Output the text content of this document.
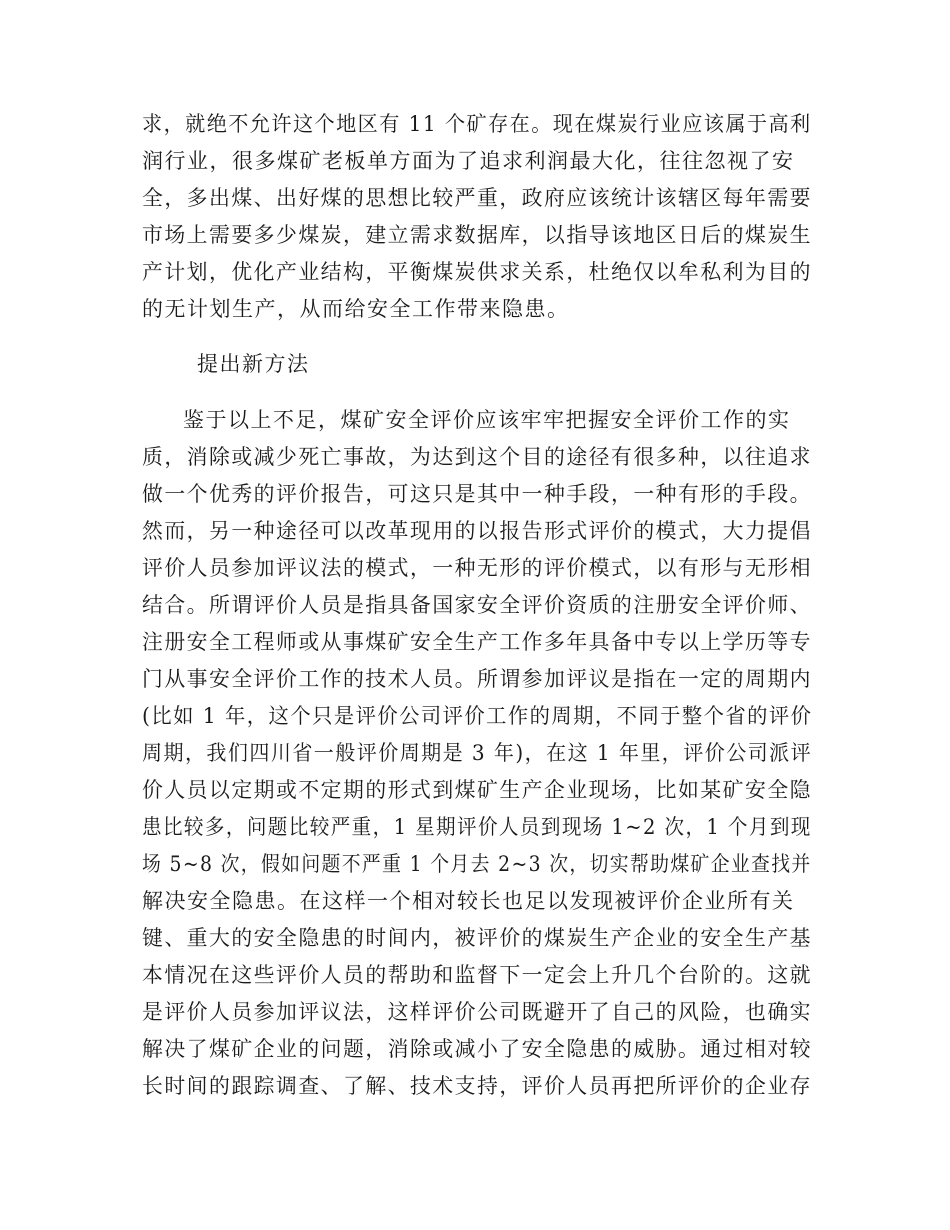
求，就绝不允许这个地区有 11 个矿存在。现在煤炭行业应该属于高利
润行业，很多煤矿老板单方面为了追求利润最大化，往往忽视了安
全，多出煤、出好煤的思想比较严重，政府应该统计该辖区每年需要
市场上需要多少煤炭，建立需求数据库，以指导该地区日后的煤炭生
产计划，优化产业结构，平衡煤炭供求关系，杜绝仅以牟私利为目的
的无计划生产，从而给安全工作带来隐患。
提出新方法
鉴于以上不足，煤矿安全评价应该牢牢把握安全评价工作的实
质，消除或减少死亡事故，为达到这个目的途径有很多种，以往追求
做一个优秀的评价报告，可这只是其中一种手段，一种有形的手段。
然而，另一种途径可以改革现用的以报告形式评价的模式，大力提倡
评价人员参加评议法的模式，一种无形的评价模式，以有形与无形相
结合。所谓评价人员是指具备国家安全评价资质的注册安全评价师、
注册安全工程师或从事煤矿安全生产工作多年具备中专以上学历等专
门从事安全评价工作的技术人员。所谓参加评议是指在一定的周期内
(比如 1 年，这个只是评价公司评价工作的周期，不同于整个省的评价
周期，我们四川省一般评价周期是 3 年)，在这 1 年里，评价公司派评
价人员以定期或不定期的形式到煤矿生产企业现场，比如某矿安全隐
患比较多，问题比较严重，1 星期评价人员到现场 1~2 次，1 个月到现
场 5~8 次，假如问题不严重 1 个月去 2~3 次，切实帮助煤矿企业查找并
解决安全隐患。在这样一个相对较长也足以发现被评价企业所有关
键、重大的安全隐患的时间内，被评价的煤炭生产企业的安全生产基
本情况在这些评价人员的帮助和监督下一定会上升几个台阶的。这就
是评价人员参加评议法，这样评价公司既避开了自己的风险，也确实
解决了煤矿企业的问题，消除或减小了安全隐患的威胁。通过相对较
长时间的跟踪调查、了解、技术支持，评价人员再把所评价的企业存
